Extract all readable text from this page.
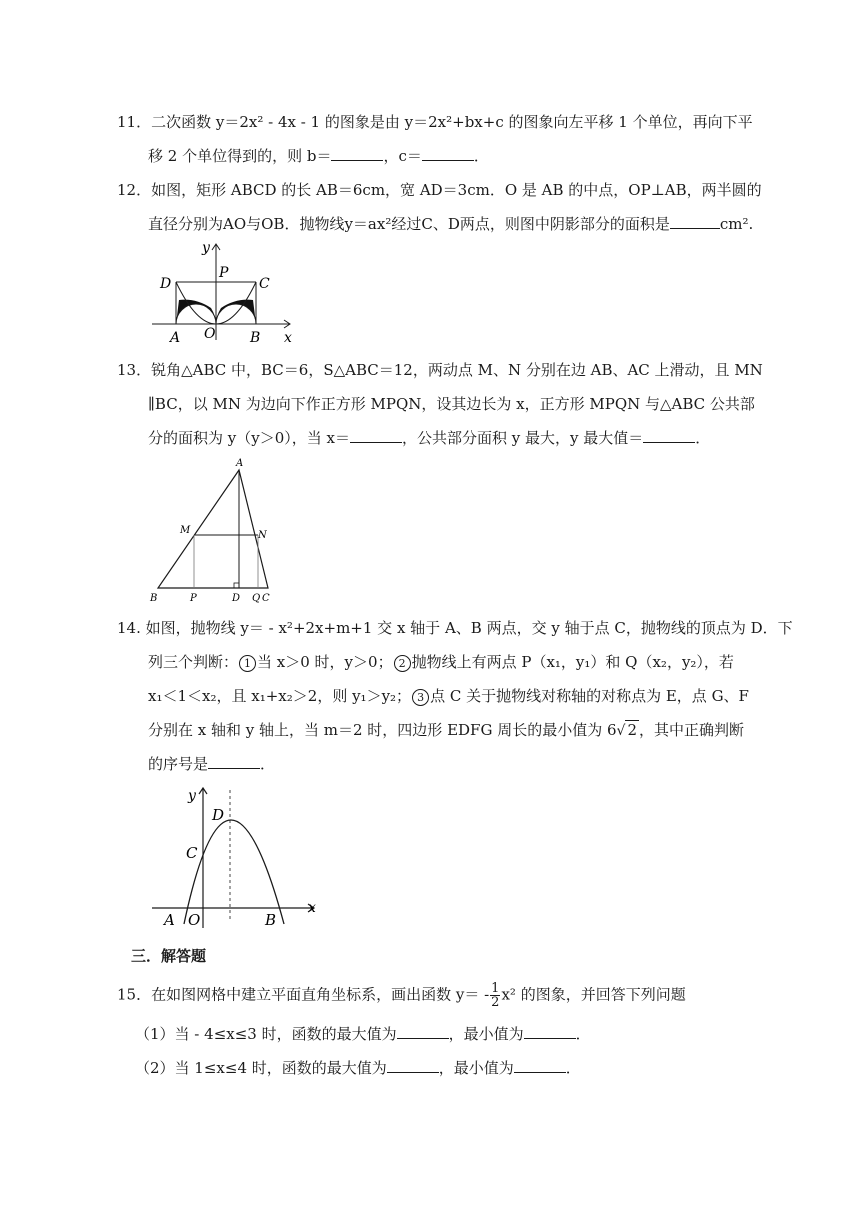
11．二次函数 y＝2x² ‑ 4x ‑ 1 的图象是由 y＝2x²+bx+c 的图象向左平移 1 个单位，再向下平
移 2 个单位得到的，则 b＝	，c＝	．
12．如图，矩形 ABCD 的长 AB＝6cm，宽 AD＝3cm．O 是 AB 的中点，OP⊥AB，两半圆的
直径分别为AO与OB．抛物线y＝ax²经过C、D两点，则图中阴影部分的面积是	cm².
y
P
D	C
A O B x
13．锐角△ABC 中，BC＝6，S△ABC＝12，两动点 M、N 分别在边 AB、AC 上滑动，且 MN
∥BC，以 MN 为边向下作正方形 MPQN，设其边长为 x，正方形 MPQN 与△ABC 公共部
分的面积为 y（y＞0），当 x＝	，公共部分面积 y 最大，y 最大值＝	．
A
M	N
B	P	D Q C
14. 如图，抛物线 y＝ ‑ x²+2x+m+1 交 x 轴于 A、B 两点，交 y 轴于点 C，抛物线的顶点为 D．下
列三个判断： 1 当 x＞0 时，y＞0； 2 抛物线上有两点 P（x₁，y₁）和 Q（x₂，y₂），若
x₁＜1＜x₂，且 x₁+x₂＞2，则 y₁＞y₂； 3 点 C 关于抛物线对称轴的对称点为 E，点 G、F
分别在 x 轴和 y 轴上，当 m＝2 时，四边形 EDFG 周长的最小值为 6√ 2 ，其中正确判断
的序号是	．
y
D
C
A O	B
x
三．解答题
15．在如图网格中建立平面直角坐标系，画出函数 y＝ ‑ $\frac{1}{2} x^2$ 的图象，并回答下列问题
（1）当 ‑ 4≤x≤3 时，函数的最大值为	，最小值为	．
（2）当 1≤x≤4 时，函数的最大值为	，最小值为	．
